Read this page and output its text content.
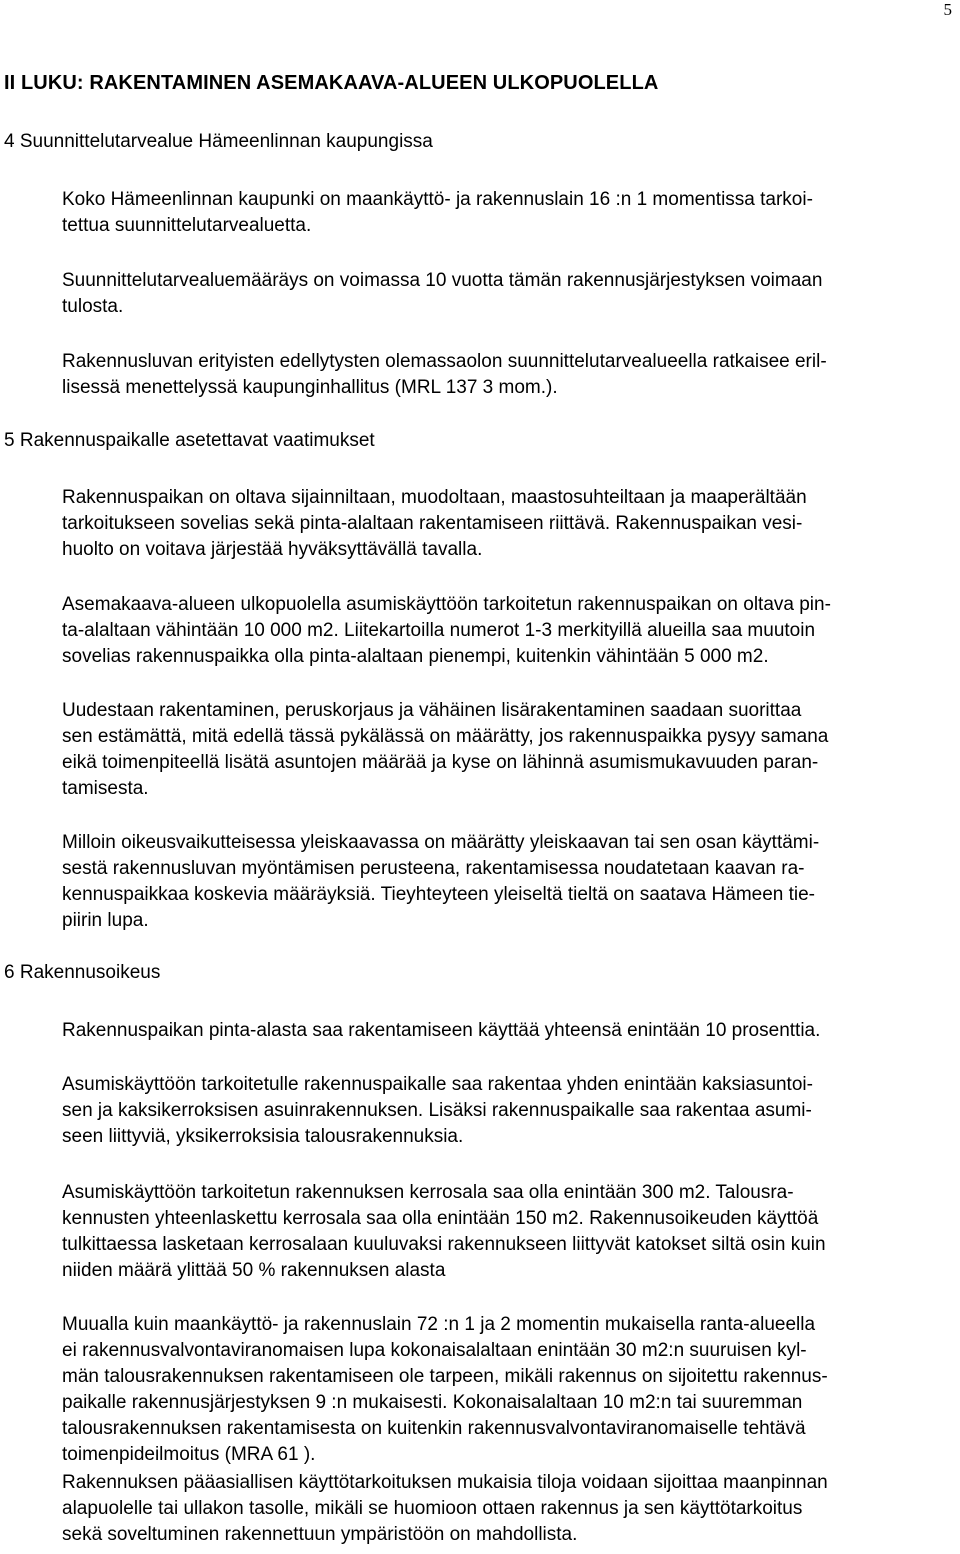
5
II LUKU: RAKENTAMINEN ASEMAKAAVA-ALUEEN ULKOPUOLELLA
4 Suunnittelutarvealue Hämeenlinnan kaupungissa
Koko Hämeenlinnan kaupunki on maankäyttö- ja rakennuslain 16 :n 1 momentissa tarkoi-
tettua suunnittelutarvealuetta.
Suunnittelutarvealuemääräys on voimassa 10 vuotta tämän rakennusjärjestyksen voimaan
tulosta.
Rakennusluvan erityisten edellytysten olemassaolon suunnittelutarvealueella ratkaisee eril-
lisessä menettelyssä kaupunginhallitus (MRL 137 3 mom.).
5 Rakennuspaikalle asetettavat vaatimukset
Rakennuspaikan on oltava sijainniltaan, muodoltaan, maastosuhteiltaan ja maaperältään
tarkoitukseen sovelias sekä pinta-alaltaan rakentamiseen riittävä. Rakennuspaikan vesi-
huolto on voitava järjestää hyväksyttävällä tavalla.
Asemakaava-alueen ulkopuolella asumiskäyttöön tarkoitetun rakennuspaikan on oltava pin-
ta-alaltaan vähintään 10 000 m2. Liitekartoilla numerot 1-3 merkityillä alueilla saa muutoin
sovelias rakennuspaikka olla pinta-alaltaan pienempi, kuitenkin vähintään 5 000 m2.
Uudestaan rakentaminen, peruskorjaus ja vähäinen lisärakentaminen saadaan suorittaa
sen estämättä, mitä edellä tässä pykälässä on määrätty, jos rakennuspaikka pysyy samana
eikä toimenpiteellä lisätä asuntojen määrää ja kyse on lähinnä asumismukavuuden paran-
tamisesta.
Milloin oikeusvaikutteisessa yleiskaavassa on määrätty yleiskaavan tai sen osan käyttämi-
sestä rakennusluvan myöntämisen perusteena, rakentamisessa noudatetaan kaavan ra-
kennuspaikkaa koskevia määräyksiä. Tieyhteyteen yleiseltä tieltä on saatava Hämeen tie-
piirin lupa.
6 Rakennusoikeus
Rakennuspaikan pinta-alasta saa rakentamiseen käyttää yhteensä enintään 10 prosenttia.
Asumiskäyttöön tarkoitetulle rakennuspaikalle saa rakentaa yhden enintään kaksiasuntoi-
sen ja kaksikerroksisen asuinrakennuksen. Lisäksi rakennuspaikalle saa rakentaa asumi-
seen liittyviä, yksikerroksisia talousrakennuksia.
Asumiskäyttöön tarkoitetun rakennuksen kerrosala saa olla enintään 300 m2. Talousra-
kennusten yhteenlaskettu kerrosala saa olla enintään 150 m2. Rakennusoikeuden käyttöä
tulkittaessa lasketaan kerrosalaan kuuluvaksi rakennukseen liittyvät katokset siltä osin kuin
niiden määrä ylittää 50 % rakennuksen alasta
Muualla kuin maankäyttö- ja rakennuslain 72 :n 1 ja 2 momentin mukaisella ranta-alueella
ei rakennusvalvontaviranomaisen lupa kokonaisalaltaan enintään 30 m2:n suuruisen kyl-
män talousrakennuksen rakentamiseen ole tarpeen, mikäli rakennus on sijoitettu rakennus-
paikalle rakennusjärjestyksen 9 :n mukaisesti. Kokonaisalaltaan 10 m2:n tai suuremman
talousrakennuksen rakentamisesta on kuitenkin rakennusvalvontaviranomaiselle tehtävä
toimenpideilmoitus (MRA 61 ).
Rakennuksen pääasiallisen käyttötarkoituksen mukaisia tiloja voidaan sijoittaa maanpinnan
alapuolelle tai ullakon tasolle, mikäli se huomioon ottaen rakennus ja sen käyttötarkoitus
sekä soveltuminen rakennettuun ympäristöön on mahdollista.
